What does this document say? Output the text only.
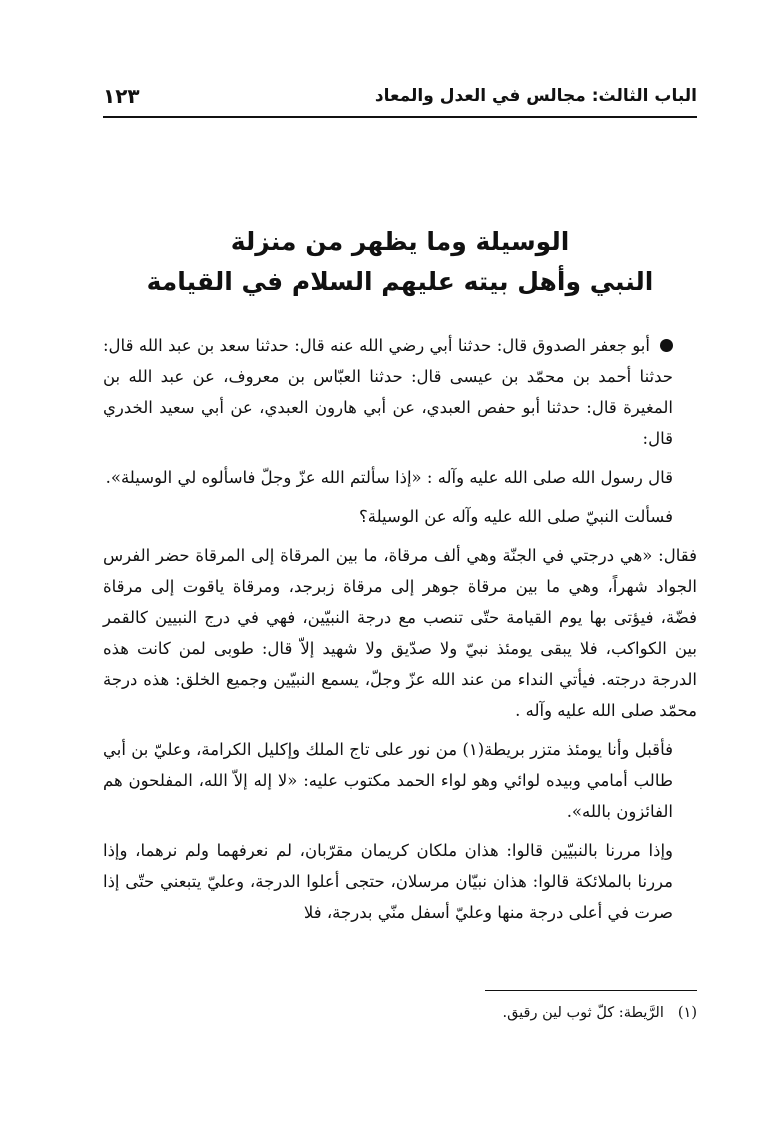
الباب الثالث: مجالس في العدل والمعاد
١٢٣
الوسيلة وما يظهر من منزلة
النبي وأهل بيته عليهم السلام في القيامة

أبو جعفر الصدوق قال: حدثنا أبي رضي الله عنه قال: حدثنا سعد بن عبد الله قال: حدثنا أحمد بن محمّد بن عيسى قال: حدثنا العبّاس بن معروف، عن عبد الله بن المغيرة قال: حدثنا أبو حفص العبدي، عن أبي هارون العبدي، عن أبي سعيد الخدري قال:

قال رسول الله صلى الله عليه وآله : «إذا سألتم الله عزّ وجلّ فاسألوه لي الوسيلة».

فسألت النبيّ صلى الله عليه وآله عن الوسيلة؟

فقال: «هي درجتي في الجنّة وهي ألف مرقاة، ما بين المرقاة إلى المرقاة حضر الفرس الجواد شهراً، وهي ما بين مرقاة جوهر إلى مرقاة زبرجد، ومرقاة ياقوت إلى مرقاة فضّة، فيؤتى بها يوم القيامة حتّى تنصب مع درجة النبيّين، فهي في درج النبيين كالقمر بين الكواكب، فلا يبقى يومئذ نبيّ ولا صدّيق ولا شهيد إلاّ قال: طوبى لمن كانت هذه الدرجة درجته. فيأتي النداء من عند الله عزّ وجلّ، يسمع النبيّين وجميع الخلق: هذه درجة محمّد صلى الله عليه وآله .

فأقبل وأنا يومئذ متزر بريطة(١) من نور على تاج الملك وإكليل الكرامة، وعليّ بن أبي طالب أمامي وبيده لوائي وهو لواء الحمد مكتوب عليه: «لا إله إلاّ الله، المفلحون هم الفائزون بالله».

وإذا مررنا بالنبيّين قالوا: هذان ملكان كريمان مقرّبان، لم نعرفهما ولم نرهما، وإذا مررنا بالملائكة قالوا: هذان نبيّان مرسلان، حتجى أعلوا الدرجة، وعليّ يتبعني حتّى إذا صرت في أعلى درجة منها وعليّ أسفل منّي بدرجة، فلا

(١)الرَّيطة: كلّ ثوب لين رقيق.
